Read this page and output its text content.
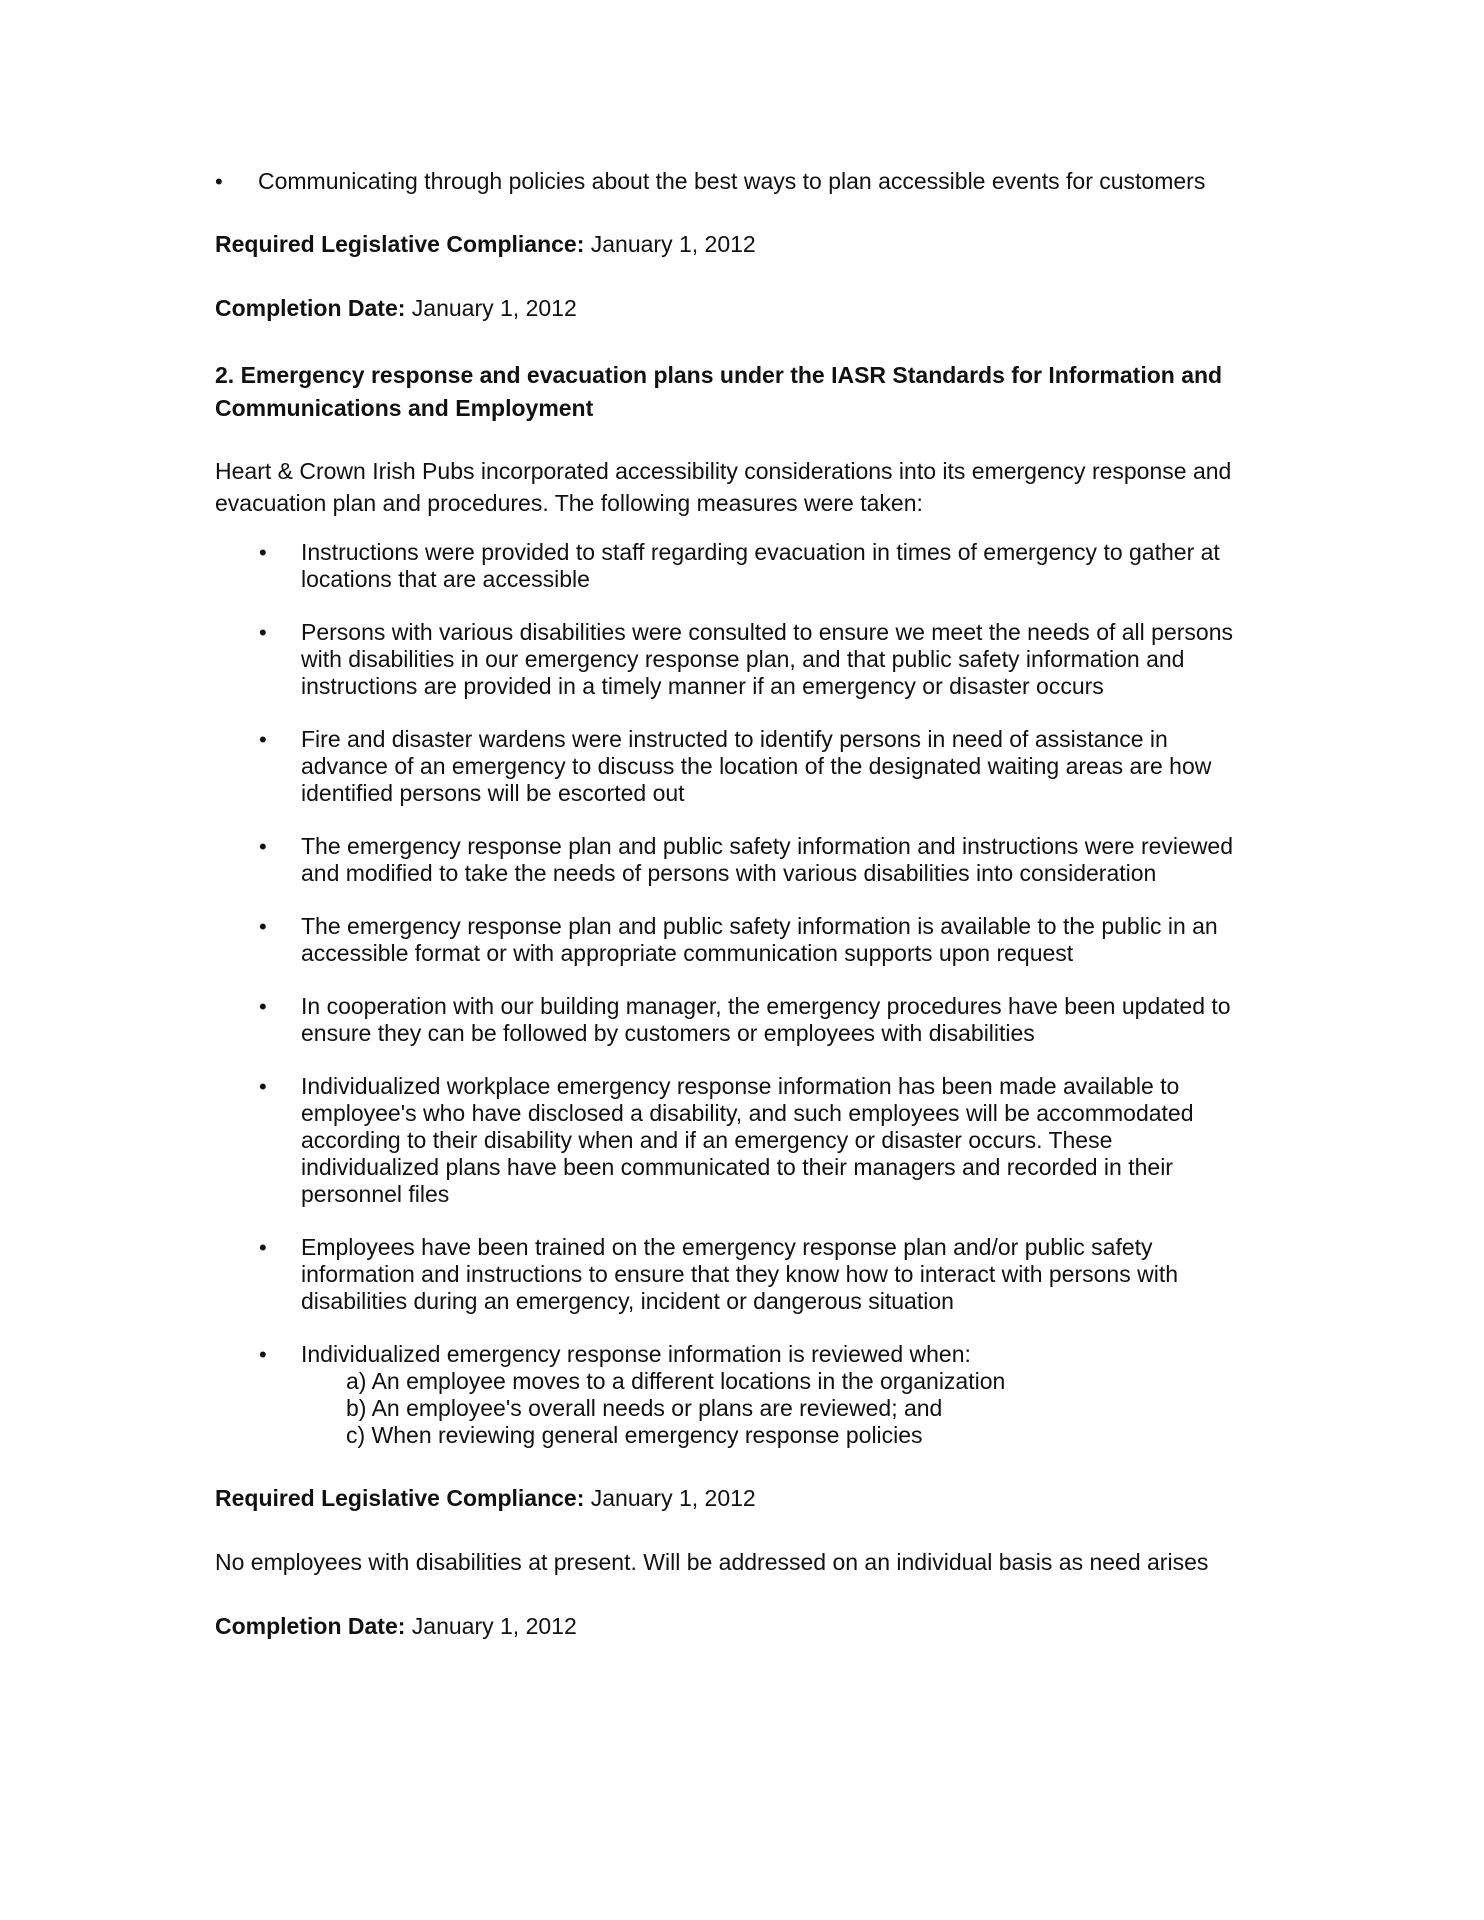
• Communicating through policies about the best ways to plan accessible events for customers
Required Legislative Compliance: January 1, 2012
Completion Date: January 1, 2012
2. Emergency response and evacuation plans under the IASR Standards for Information and
Communications and Employment
Heart & Crown Irish Pubs incorporated accessibility considerations into its emergency response and
evacuation plan and procedures. The following measures were taken:
• Instructions were provided to staff regarding evacuation in times of emergency to gather at
locations that are accessible
• Persons with various disabilities were consulted to ensure we meet the needs of all persons
with disabilities in our emergency response plan, and that public safety information and
instructions are provided in a timely manner if an emergency or disaster occurs
• Fire and disaster wardens were instructed to identify persons in need of assistance in
advance of an emergency to discuss the location of the designated waiting areas are how
identified persons will be escorted out
• The emergency response plan and public safety information and instructions were reviewed
and modified to take the needs of persons with various disabilities into consideration
• The emergency response plan and public safety information is available to the public in an
accessible format or with appropriate communication supports upon request
• In cooperation with our building manager, the emergency procedures have been updated to
ensure they can be followed by customers or employees with disabilities
• Individualized workplace emergency response information has been made available to
employee's who have disclosed a disability, and such employees will be accommodated
according to their disability when and if an emergency or disaster occurs. These
individualized plans have been communicated to their managers and recorded in their
personnel files
• Employees have been trained on the emergency response plan and/or public safety
information and instructions to ensure that they know how to interact with persons with
disabilities during an emergency, incident or dangerous situation
• Individualized emergency response information is reviewed when:
a) An employee moves to a different locations in the organization
b) An employee's overall needs or plans are reviewed; and
c) When reviewing general emergency response policies
Required Legislative Compliance: January 1, 2012
No employees with disabilities at present. Will be addressed on an individual basis as need arises
Completion Date: January 1, 2012
